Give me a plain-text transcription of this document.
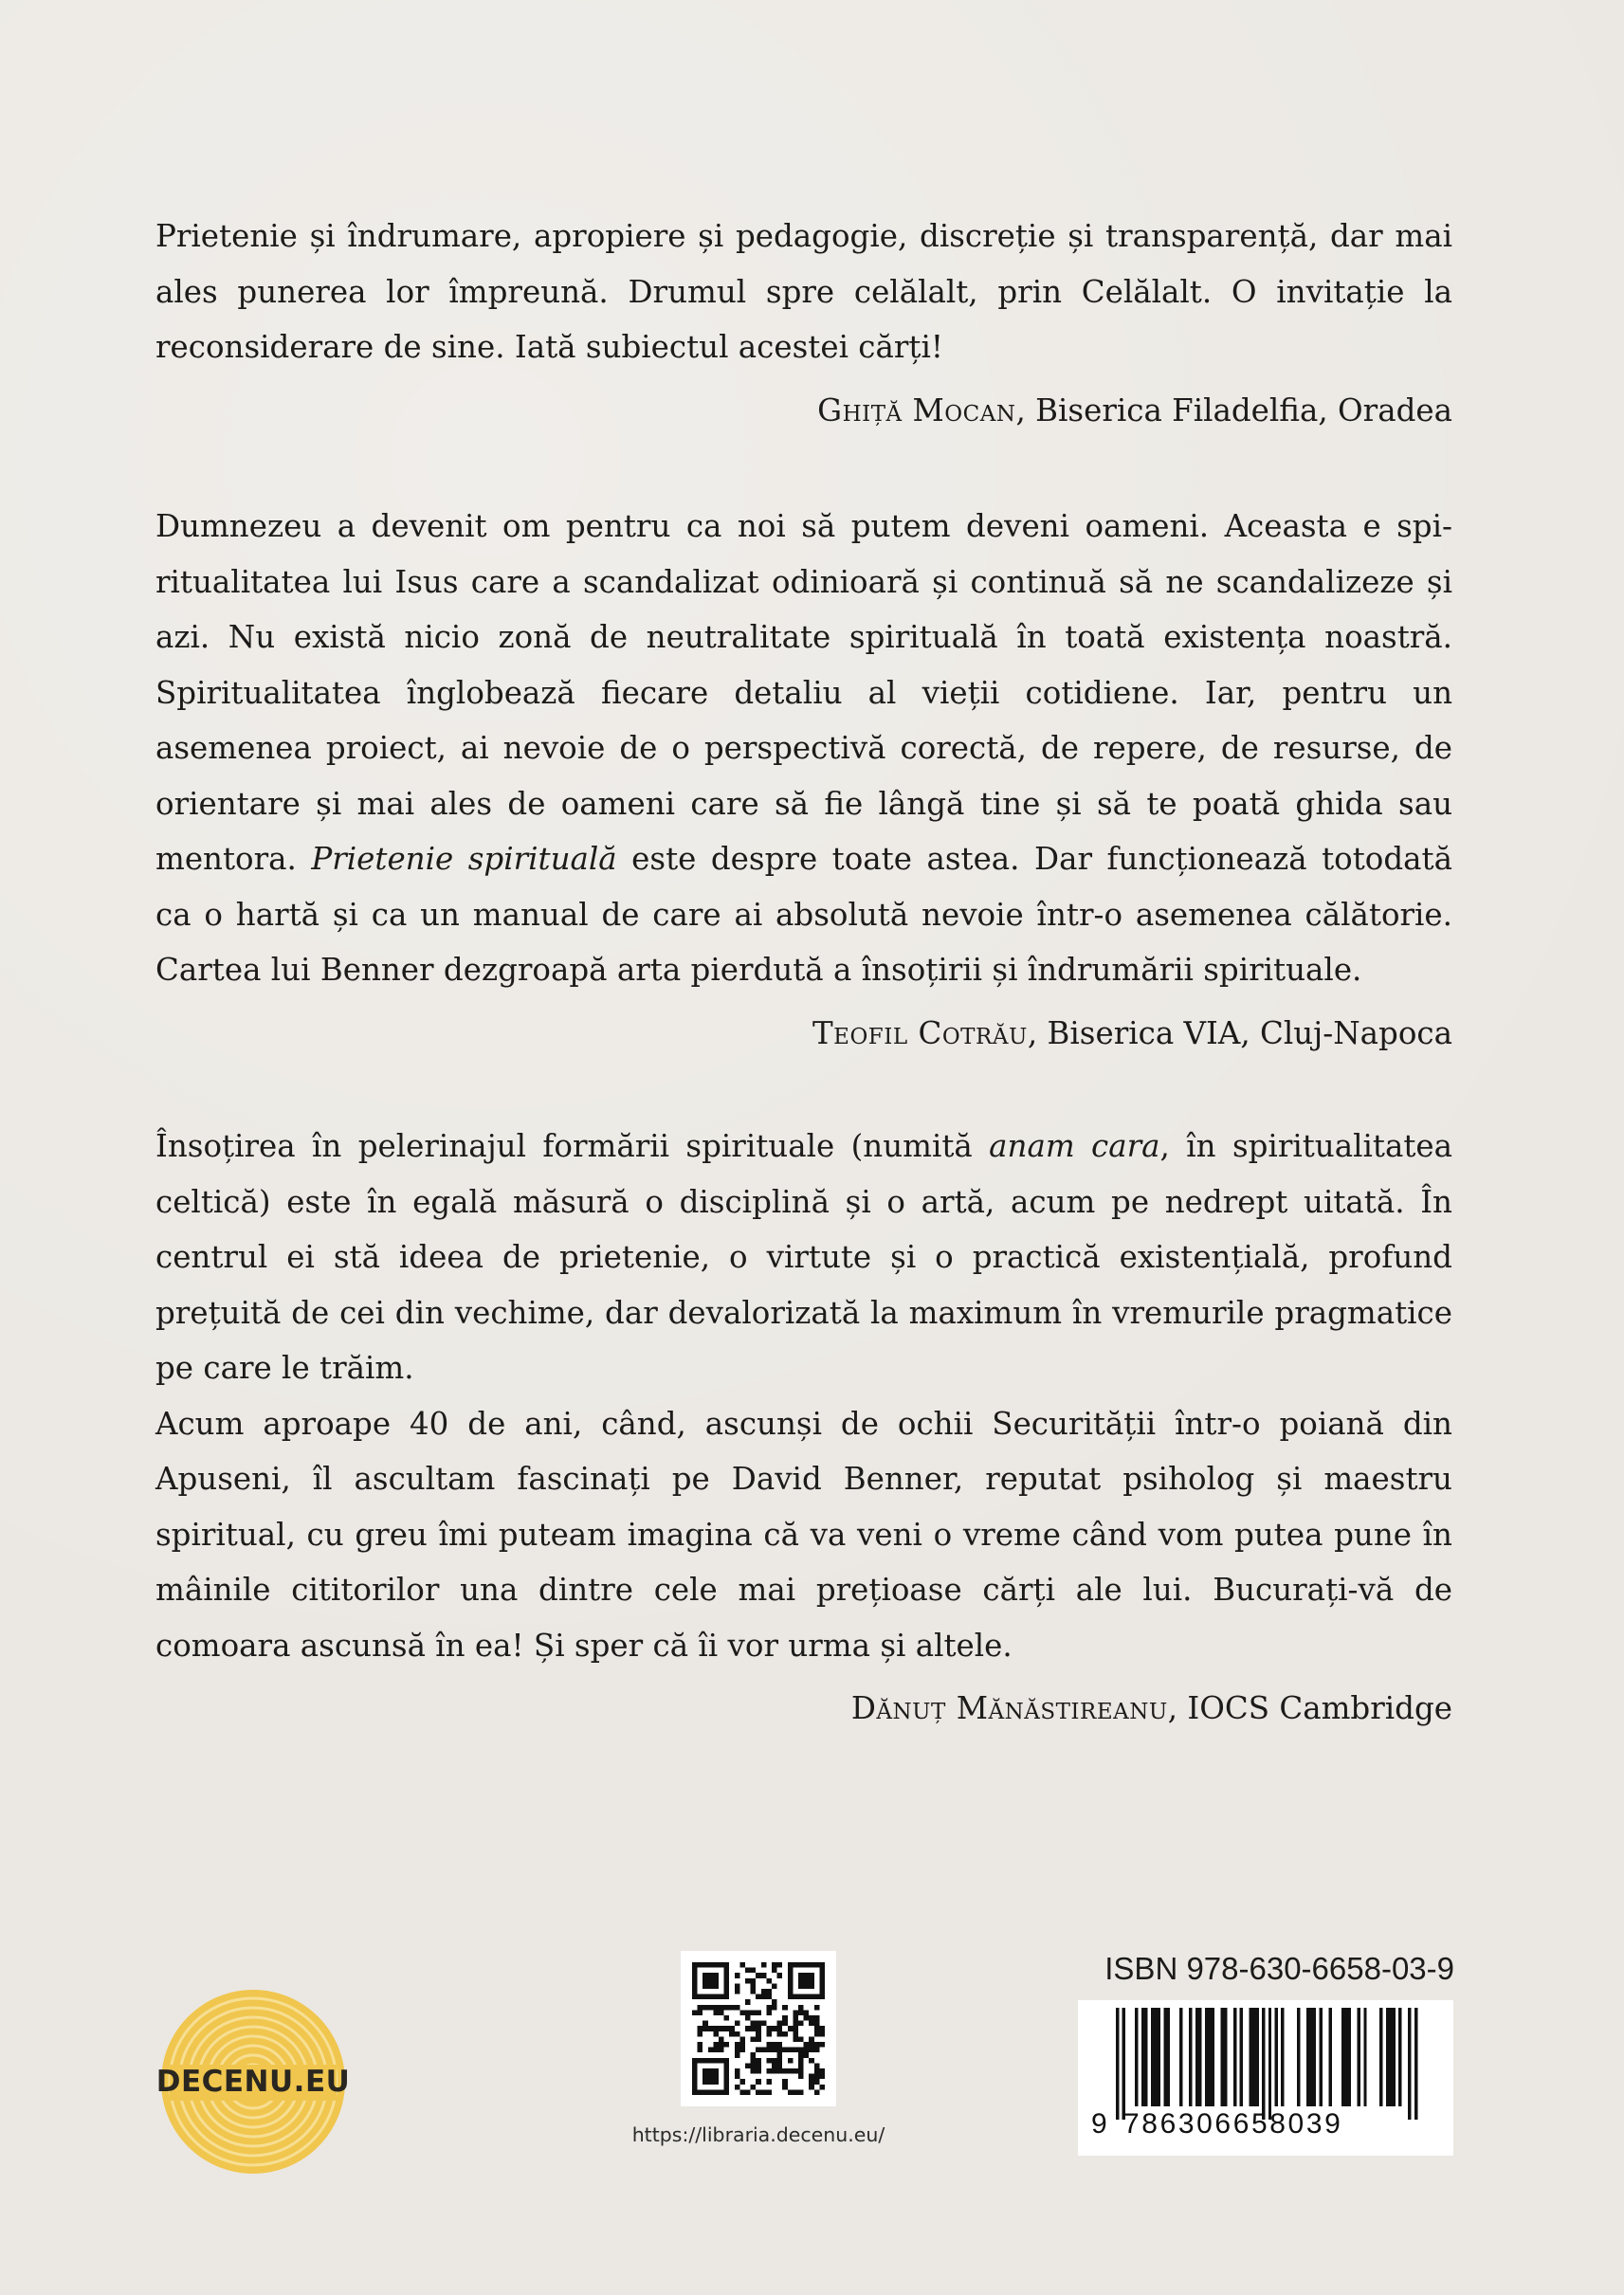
Prietenie și îndrumare, apropiere și pedagogie, discreție și transparență, dar mai ales punerea lor împreună. Drumul spre celălalt, prin Celălalt. O invitație la reconsiderare de sine. Iată subiectul acestei cărți!

Ghiță Mocan, Biserica Filadelfia, Oradea

Dumnezeu a devenit om pentru ca noi să putem deveni oameni. Aceasta e spiritualitatea lui Isus care a scandalizat odinioară și continuă să ne scandalizeze și azi. Nu există nicio zonă de neutralitate spirituală în toată existența noastră. Spiritualitatea înglobează fiecare detaliu al vieții cotidiene. Iar, pentru un asemenea proiect, ai nevoie de o perspectivă corectă, de repere, de resurse, de orientare și mai ales de oameni care să fie lângă tine și să te poată ghida sau mentora. Prietenie spirituală este despre toate astea. Dar funcționează totodată ca o hartă și ca un manual de care ai absolută nevoie într-o asemenea călătorie. Cartea lui Benner dezgroapă arta pierdută a însoțirii și îndrumării spirituale.

Teofil Cotrău, Biserica VIA, Cluj-Napoca

Însoțirea în pelerinajul formării spirituale (numită anam cara, în spiritualitatea celtică) este în egală măsură o disciplină și o artă, acum pe nedrept uitată. În centrul ei stă ideea de prietenie, o virtute și o practică existențială, profund prețuită de cei din vechime, dar devalorizată la maximum în vremurile pragmatice pe care le trăim.

Acum aproape 40 de ani, când, ascunși de ochii Securității într-o poiană din Apuseni, îl ascultam fascinați pe David Benner, reputat psiholog și maestru spiritual, cu greu îmi puteam imagina că va veni o vreme când vom putea pune în mâinile cititorilor una dintre cele mai prețioase cărți ale lui. Bucurați-vă de comoara ascunsă în ea! Și sper că îi vor urma și altele.

Dănuț Mănăstireanu, IOCS Cambridge

DECENU.EU
https://libraria.decenu.eu/
ISBN 978-630-6658-03-9
9 786306658039
